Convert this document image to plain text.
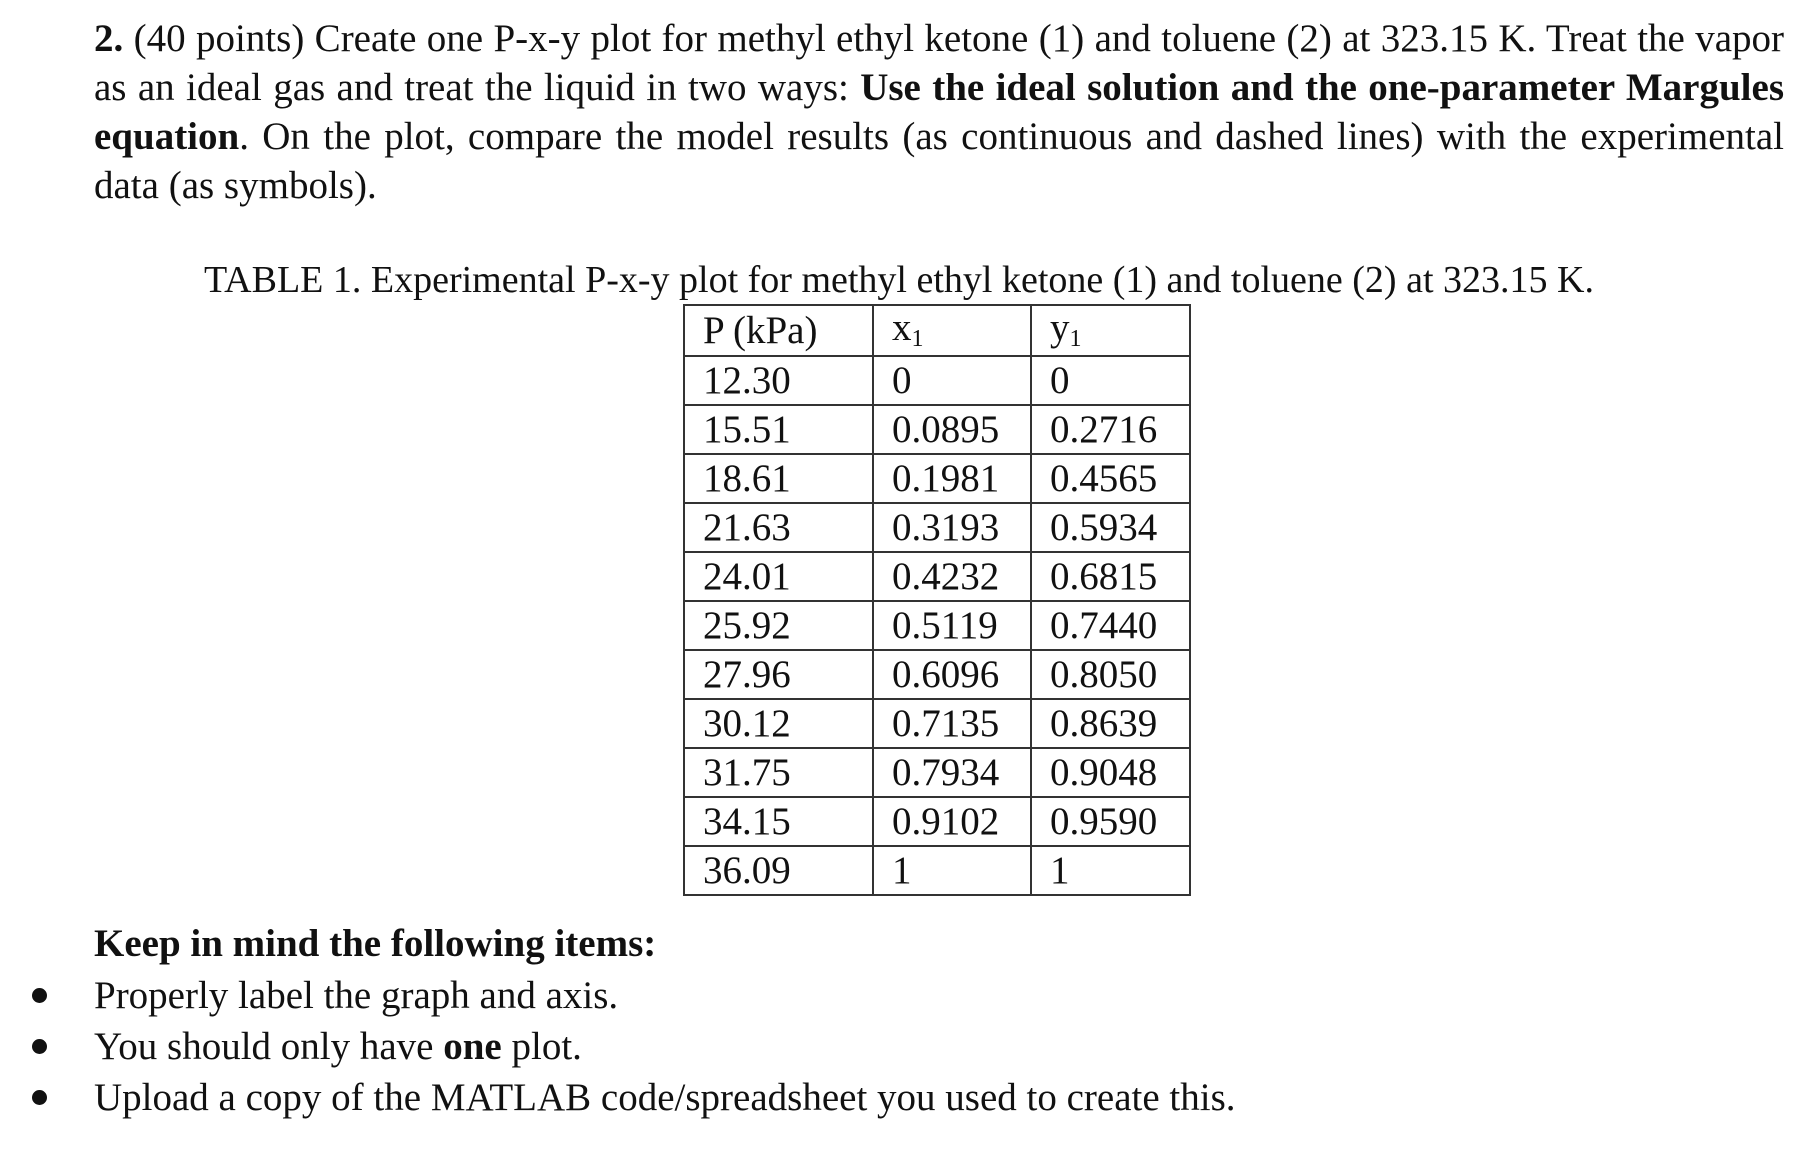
2. (40 points) Create one P-x-y plot for methyl ethyl ketone (1) and toluene (2) at 323.15 K. Treat the vapor as an ideal gas and treat the liquid in two ways: Use the ideal solution and the one-parameter Margules equation. On the plot, compare the model results (as continuous and dashed lines) with the experimental data (as symbols).
TABLE 1. Experimental P-x-y plot for methyl ethyl ketone (1) and toluene (2) at 323.15 K.
P (kPa)	x1	y1
12.30	0	0
15.51	0.0895	0.2716
18.61	0.1981	0.4565
21.63	0.3193	0.5934
24.01	0.4232	0.6815
25.92	0.5119	0.7440
27.96	0.6096	0.8050
30.12	0.7135	0.8639
31.75	0.7934	0.9048
34.15	0.9102	0.9590
36.09	1	1
Keep in mind the following items:
Properly label the graph and axis.
You should only have one plot.
Upload a copy of the MATLAB code/spreadsheet you used to create this.
